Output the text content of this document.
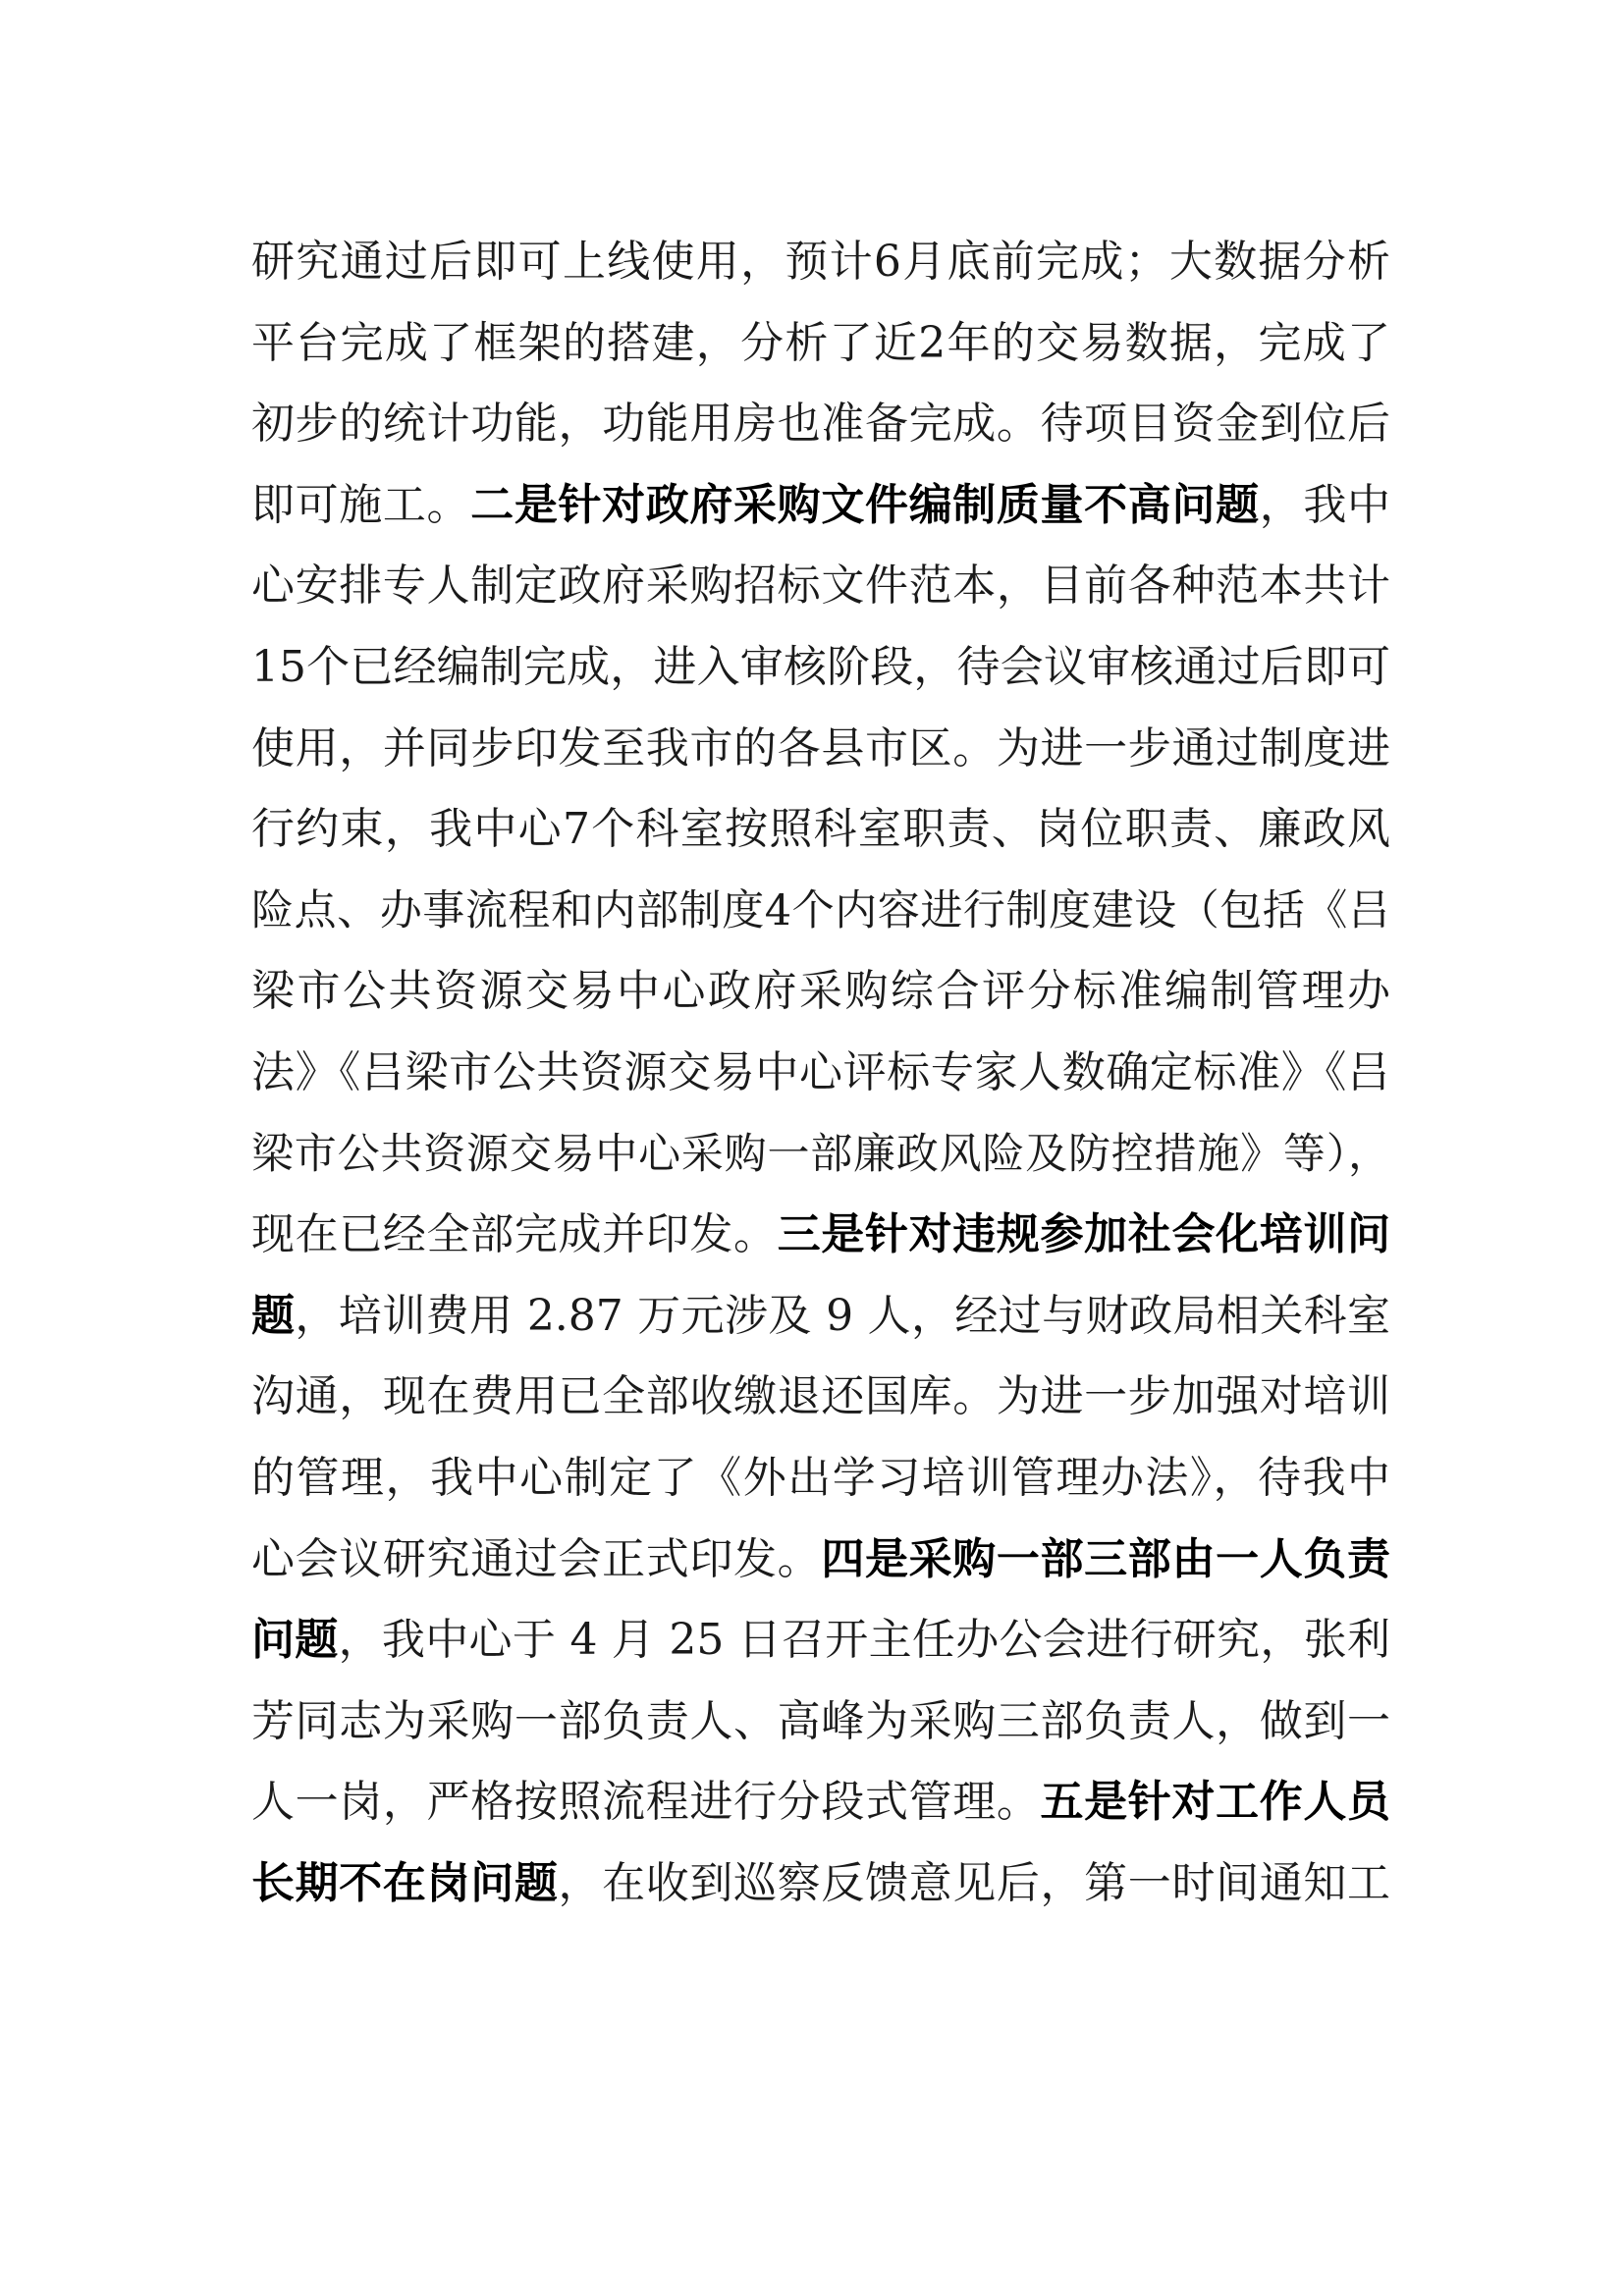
研究通过后即可上线使用，预计6月底前完成；大数据分析
平台完成了框架的搭建，分析了近2年的交易数据，完成了
初步的统计功能，功能用房也准备完成。待项目资金到位后
即可施工。二是针对政府采购文件编制质量不高问题，我中
心安排专人制定政府采购招标文件范本，目前各种范本共计
15个已经编制完成，进入审核阶段，待会议审核通过后即可
使用，并同步印发至我市的各县市区。为进一步通过制度进
行约束，我中心7个科室按照科室职责、岗位职责、廉政风
险点、办事流程和内部制度4个内容进行制度建设（包括《吕
梁市公共资源交易中心政府采购综合评分标准编制管理办
法》《吕梁市公共资源交易中心评标专家人数确定标准》《吕
梁市公共资源交易中心采购一部廉政风险及防控措施》等），
现在已经全部完成并印发。三是针对违规参加社会化培训问
题，培训费用 2.87 万元涉及 9 人，经过与财政局相关科室
沟通，现在费用已全部收缴退还国库。为进一步加强对培训
的管理，我中心制定了《外出学习培训管理办法》，待我中
心会议研究通过会正式印发。四是采购一部三部由一人负责
问题，我中心于 4 月 25 日召开主任办公会进行研究，张利
芳同志为采购一部负责人、高峰为采购三部负责人，做到一
人一岗，严格按照流程进行分段式管理。五是针对工作人员
长期不在岗问题，在收到巡察反馈意见后，第一时间通知工
